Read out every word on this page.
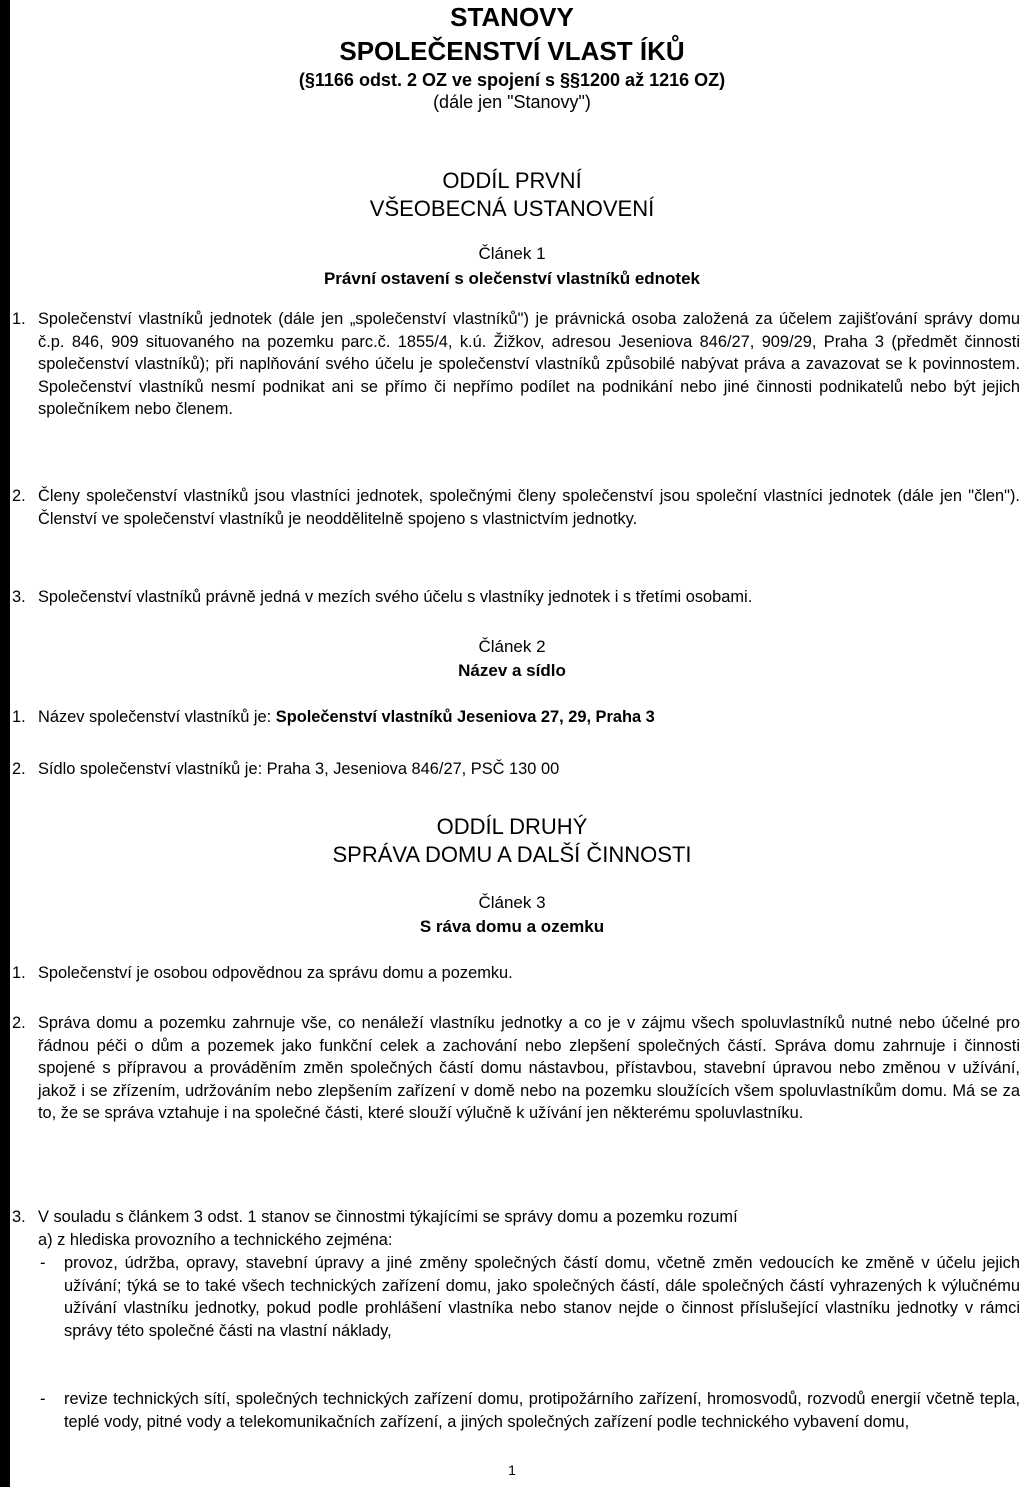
STANOVY
SPOLEČENSTVÍ VLAST ÍKŮ
(§1166 odst. 2 OZ ve spojení s §§1200 až 1216 OZ)
(dále jen "Stanovy")
ODDÍL PRVNÍ
VŠEOBECNÁ USTANOVENÍ
Článek 1
Právní ostavení s olečenství vlastníků ednotek
1. Společenství vlastníků jednotek (dále jen „společenství vlastníků") je právnická osoba založená za účelem zajišťování správy domu č.p. 846, 909 situovaného na pozemku parc.č. 1855/4, k.ú. Žižkov, adresou Jeseniova 846/27, 909/29, Praha 3 (předmět činnosti společenství vlastníků); při naplňování svého účelu je společenství vlastníků způsobilé nabývat práva a zavazovat se k povinnostem. Společenství vlastníků nesmí podnikat ani se přímo či nepřímo podílet na podnikání nebo jiné činnosti podnikatelů nebo být jejich společníkem nebo členem.
2. Členy společenství vlastníků jsou vlastníci jednotek, společnými členy společenství jsou společní vlastníci jednotek (dále jen "člen"). Členství ve společenství vlastníků je neoddělitelně spojeno s vlastnictvím jednotky.
3. Společenství vlastníků právně jedná v mezích svého účelu s vlastníky jednotek i s třetími osobami.
Článek 2
Název a sídlo
1. Název společenství vlastníků je: Společenství vlastníků Jeseniova 27, 29, Praha 3
2. Sídlo společenství vlastníků je: Praha 3, Jeseniova 846/27, PSČ 130 00
ODDÍL DRUHÝ
SPRÁVA DOMU A DALŠÍ ČINNOSTI
Článek 3
S ráva domu a ozemku
1. Společenství je osobou odpovědnou za správu domu a pozemku.
2. Správa domu a pozemku zahrnuje vše, co nenáleží vlastníku jednotky a co je v zájmu všech spoluvlastníků nutné nebo účelné pro řádnou péči o dům a pozemek jako funkční celek a zachování nebo zlepšení společných částí. Správa domu zahrnuje i činnosti spojené s přípravou a prováděním změn společných částí domu nástavbou, přístavbou, stavební úpravou nebo změnou v užívání, jakož i se zřízením, udržováním nebo zlepšením zařízení v domě nebo na pozemku sloužících všem spoluvlastníkům domu. Má se za to, že se správa vztahuje i na společné části, které slouží výlučně k užívání jen některému spoluvlastníku.
3. V souladu s článkem 3 odst. 1 stanov se činnostmi týkajícími se správy domu a pozemku rozumí
a) z hlediska provozního a technického zejména:
- provoz, údržba, opravy, stavební úpravy a jiné změny společných částí domu, včetně změn vedoucích ke změně v účelu jejich užívání; týká se to také všech technických zařízení domu, jako společných částí, dále společných částí vyhrazených k výlučnému užívání vlastníku jednotky, pokud podle prohlášení vlastníka nebo stanov nejde o činnost příslušející vlastníku jednotky v rámci správy této společné části na vlastní náklady,
- revize technických sítí, společných technických zařízení domu, protipožárního zařízení, hromosvodů, rozvodů energií včetně tepla, teplé vody, pitné vody a telekomunikačních zařízení, a jiných společných zařízení podle technického vybavení domu,
1
